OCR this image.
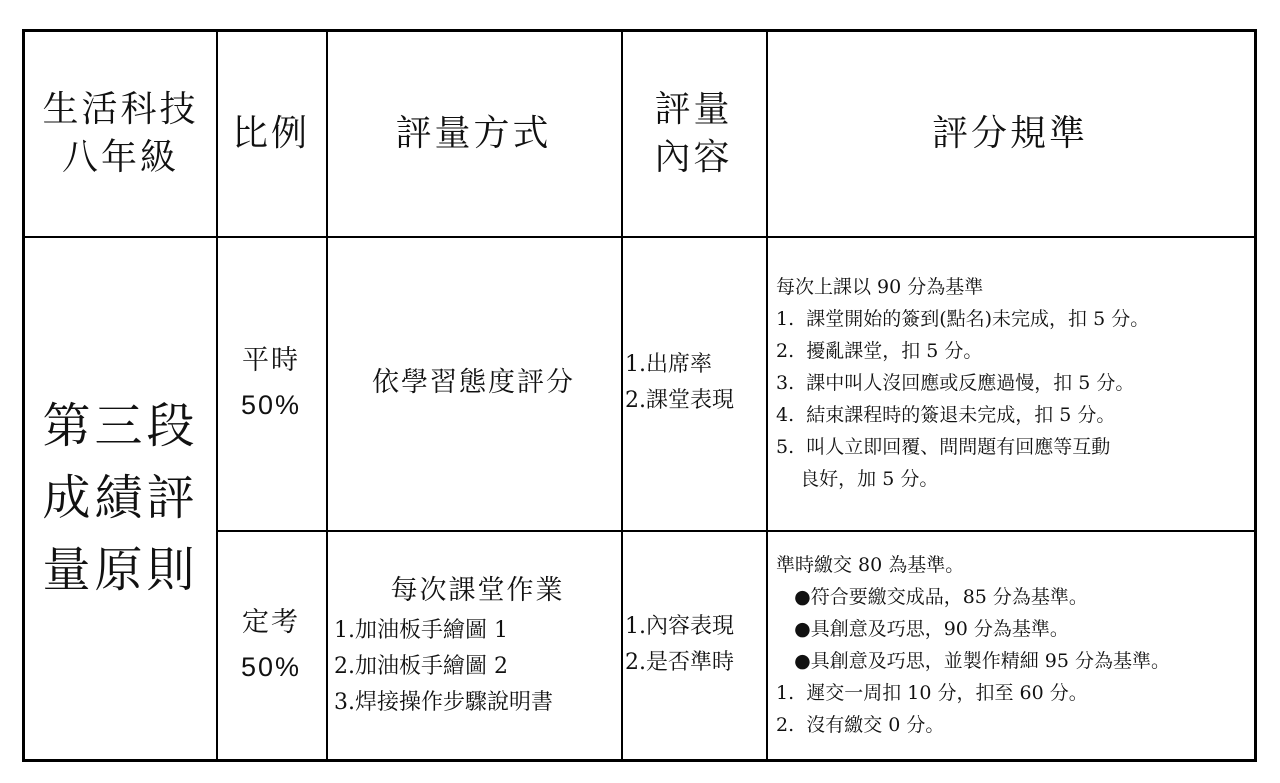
生活科技
八年級
比例 評量方式
評量
內容
評分規準
第三段
成績評
量原則
平時
50%
依學習態度評分
1.出席率
2.課堂表現
每次上課以 90 分為基準
1.  課堂開始的簽到(點名)未完成，扣 5 分。
2.  擾亂課堂，扣 5 分。
3.  課中叫人沒回應或反應過慢，扣 5 分。
4.  結束課程時的簽退未完成，扣 5 分。
5.  叫人立即回覆、問問題有回應等互動
良好，加 5 分。
定考
50%
每次課堂作業
1.加油板手繪圖 1
2.加油板手繪圖 2
3.焊接操作步驟說明書
1.內容表現
2.是否準時
準時繳交 80 為基準。
●符合要繳交成品，85 分為基準。
●具創意及巧思，90 分為基準。
●具創意及巧思，並製作精細 95 分為基準。
1.  遲交一周扣 10 分，扣至 60 分。
2.  沒有繳交 0 分。
